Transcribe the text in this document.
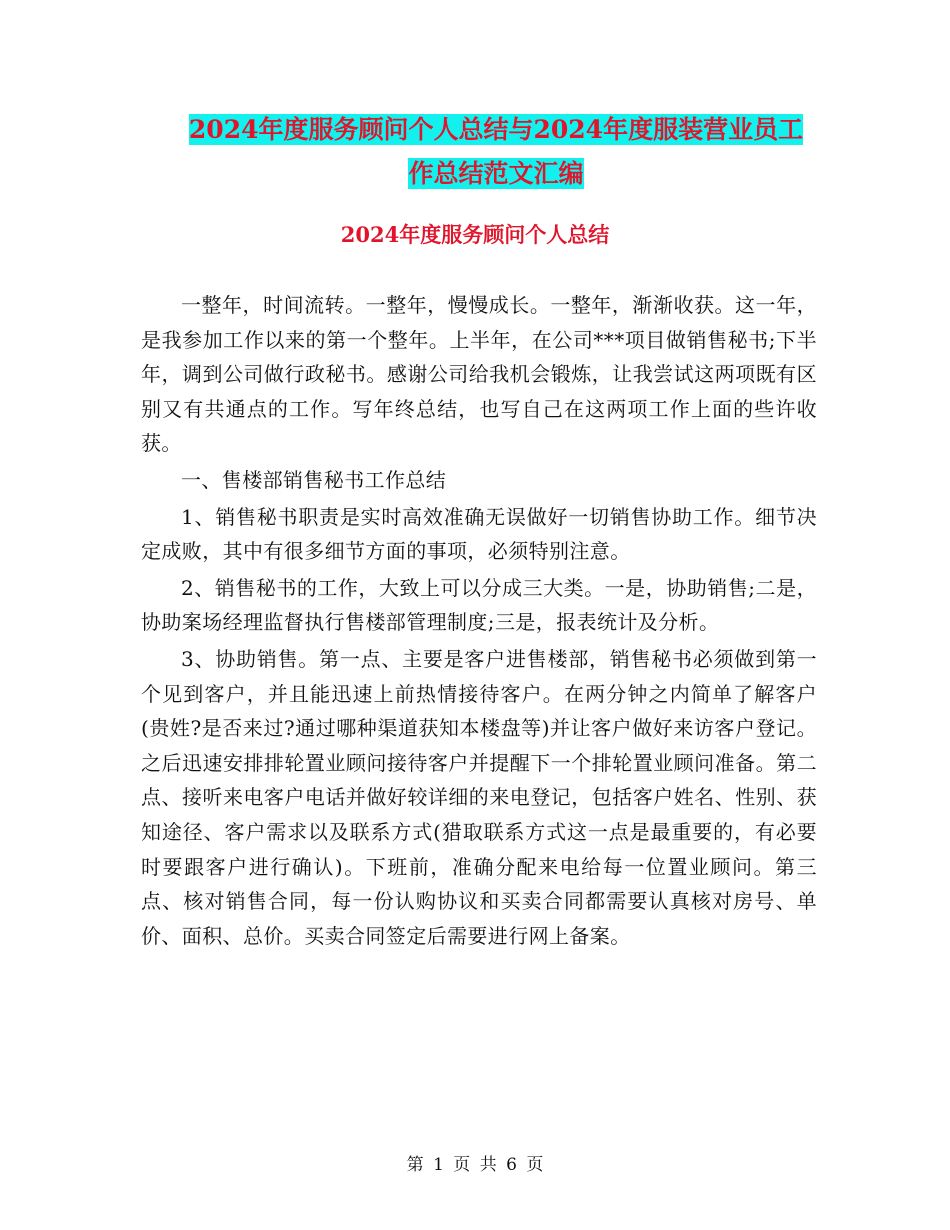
2024年度服务顾问个人总结与2024年度服装营业员工
作总结范文汇编
2024年度服务顾问个人总结

一整年，时间流转。一整年，慢慢成长。一整年，渐渐收获。这一年，是我参加工作以来的第一个整年。上半年，在公司***项目做销售秘书;下半年，调到公司做行政秘书。感谢公司给我机会锻炼，让我尝试这两项既有区别又有共通点的工作。写年终总结，也写自己在这两项工作上面的些许收获。

一、售楼部销售秘书工作总结

1、销售秘书职责是实时高效准确无误做好一切销售协助工作。细节决定成败，其中有很多细节方面的事项，必须特别注意。

2、销售秘书的工作，大致上可以分成三大类。一是，协助销售;二是，协助案场经理监督执行售楼部管理制度;三是，报表统计及分析。

3、协助销售。第一点、主要是客户进售楼部，销售秘书必须做到第一个见到客户，并且能迅速上前热情接待客户。在两分钟之内简单了解客户(贵姓?是否来过?通过哪种渠道获知本楼盘等)并让客户做好来访客户登记。之后迅速安排排轮置业顾问接待客户并提醒下一个排轮置业顾问准备。第二点、接听来电客户电话并做好较详细的来电登记，包括客户姓名、性别、获知途径、客户需求以及联系方式(猎取联系方式这一点是最重要的，有必要时要跟客户进行确认)。下班前，准确分配来电给每一位置业顾问。第三点、核对销售合同，每一份认购协议和买卖合同都需要认真核对房号、单价、面积、总价。买卖合同签定后需要进行网上备案。

第 1 页 共 6 页
